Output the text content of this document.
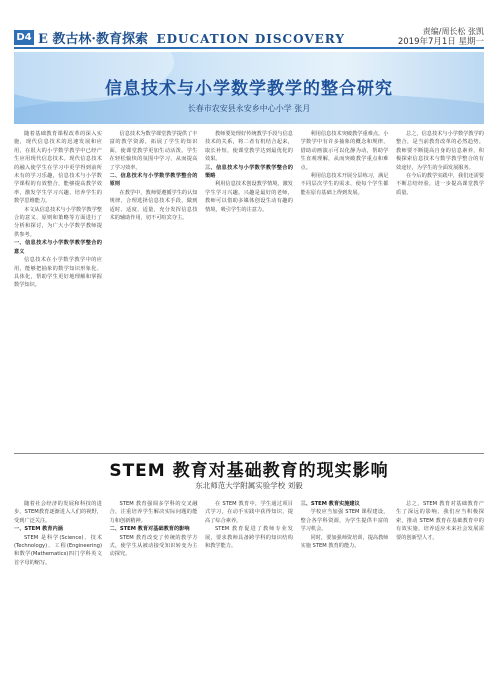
D4 E 教古林·教育探索 EDUCATION DISCOVERY
责编/周长松 张凯
2019年7月1日 星期一
信息技术与小学数学教学的整合研究
长春市农安县永安乡中心小学 张月

随着基础教育课程改革的深入实施，现代信息技术的迅速发展和应用，在很大的小学数学教学中已经产生应用现代信息技术。现代信息技术的融入使学生在学习中更学得到前所未有的学习乐趣，信息技术与小学数学课程的有效整合，能够提高教学效率，激发学生学习兴趣，培养学生的数学思维能力。

本文从信息技术与小学数学教学整合的意义、原则和策略等方面进行了分析和探讨，为广大小学数学教师提供参考。

一、信息技术与小学数学教学整合的意义

信息技术在小学数学教学中的应用，能够把抽象的数学知识形象化、具体化，帮助学生更好地理解和掌握数学知识。

信息技术为数学课堂教学提供了丰富的教学资源，拓展了学生的知识面，使课堂教学更加生动活泼。学生在轻松愉快的氛围中学习，从而提高了学习效率。

二、信息技术与小学数学教学整合的原则

在教学中，教师要遵循学生的认知规律，合理选择信息技术手段，做到适时、适度、适量，充分发挥信息技术的辅助作用，切不可喧宾夺主。

教师要处理好传统教学手段与信息技术的关系，将二者有机结合起来，取长补短，使课堂教学达到最优化的效果。

三、信息技术与小学数学教学整合的策略

利用信息技术创设教学情境，激发学生学习兴趣。兴趣是最好的老师，教师可以借助多媒体创设生动有趣的情境，吸引学生的注意力。

利用信息技术突破教学重难点。小学数学中有许多抽象的概念和规律，借助动画演示可以化静为动，帮助学生直观理解，从而突破教学重点和难点。

利用信息技术开展分层练习，满足不同层次学生的需求，使每个学生都能在原有基础上得到发展。

总之，信息技术与小学数学教学的整合，是当前教育改革的必然趋势。教师要不断提高自身的信息素养，积极探索信息技术与数学教学整合的有效途径，为学生的全面发展服务。

在今后的教学实践中，我们还需要不断总结经验，进一步提高课堂教学质量。

STEM 教育对基础教育的现实影响
东北师范大学附属实验学校 刘毅

随着社会经济的发展和科技的进步，STEM教育逐渐进入人们的视野，受到广泛关注。

一、STEM 教育内涵

STEM 是科学(Science)、技术(Technology)、工程(Engineering)和数学(Mathematics)四门学科英文首字母的缩写。

STEM 教育强调多学科的交叉融合，注重培养学生解决实际问题的能力和创新精神。

二、STEM 教育对基础教育的影响

STEM 教育改变了传统的教学方式，使学生从被动接受知识转变为主动探究。

在 STEM 教育中，学生通过项目式学习，在动手实践中获得知识，提高了综合素养。

STEM 教育促进了教师专业发展，要求教师具备跨学科的知识结构和教学能力。

三、STEM 教育实施建议

学校应当加强 STEM 课程建设，整合各学科资源，为学生提供丰富的学习机会。

同时，要加强师资培训，提高教师实施 STEM 教育的能力。

总之，STEM 教育对基础教育产生了深远的影响，我们应当积极探索，推动 STEM 教育在基础教育中的有效实施，培养适应未来社会发展需要的创新型人才。
